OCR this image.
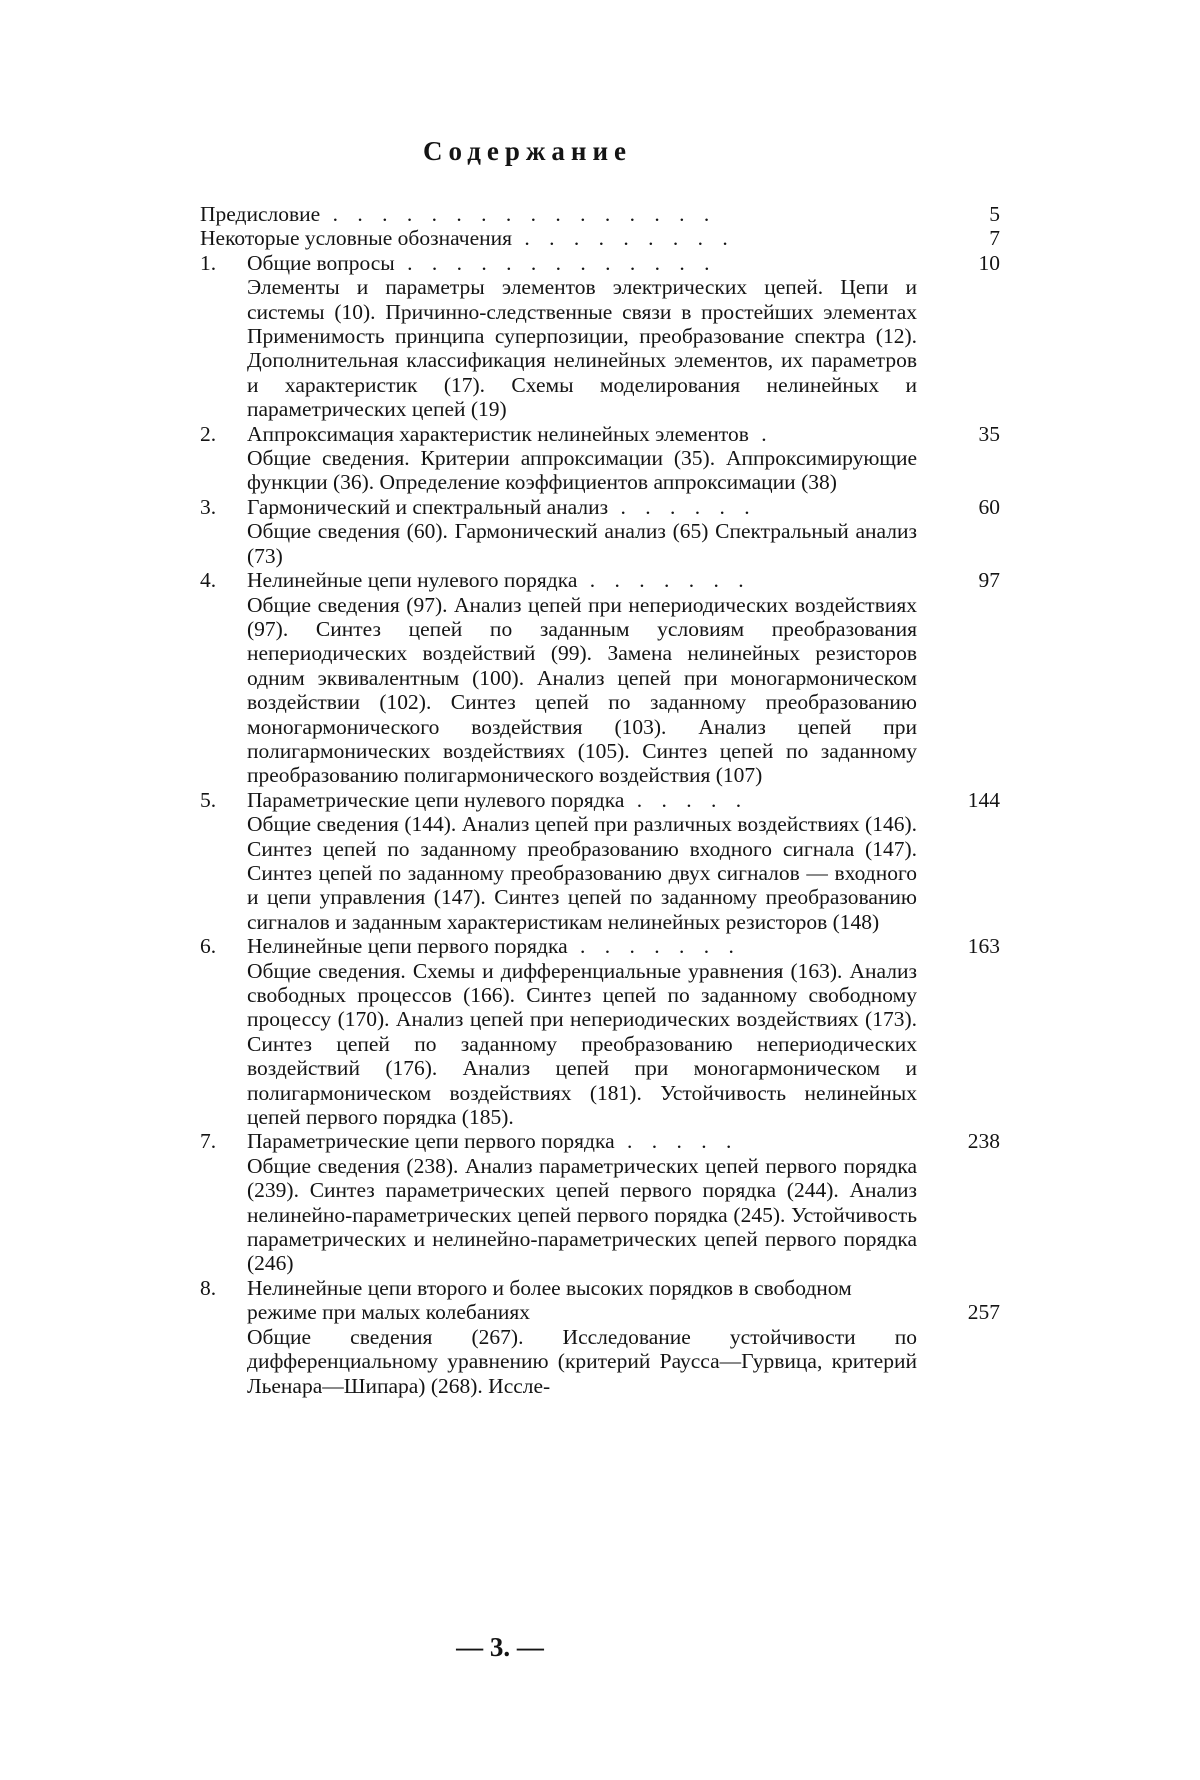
Содержание
Предисловие . . . . . . . . . . . . . . . .	5
Некоторые условные обозначения . . . . . . . . .	7
1.	Общие вопросы . . . . . . . . . . . . .	10
Элементы и параметры элементов электрических цепей. Цепи и системы (10). Причинно-следственные связи в простейших элементах Применимость принципа суперпозиции, преобразование спектра (12). Дополнительная классификация нелинейных элементов, их параметров и характеристик (17). Схемы моделирования нелинейных и параметрических цепей (19)
2.	Аппроксимация характеристик нелинейных элементов .	35
Общие сведения. Критерии аппроксимации (35). Аппроксимирующие функции (36). Определение коэффициентов аппроксимации (38)
3.	Гармонический и спектральный анализ . . . . . .	60
Общие сведения (60). Гармонический анализ (65) Спектральный анализ (73)
4.	Нелинейные цепи нулевого порядка . . . . . . .	97
Общие сведения (97). Анализ цепей при непериодических воздействиях (97). Синтез цепей по заданным условиям преобразования непериодических воздействий (99). Замена нелинейных резисторов одним эквивалентным (100). Анализ цепей при моногармоническом воздействии (102). Синтез цепей по заданному преобразованию моногармонического воздействия (103). Анализ цепей при полигармонических воздействиях (105). Синтез цепей по заданному преобразованию полигармонического воздействия (107)
5.	Параметрические цепи нулевого порядка . . . . .	144
Общие сведения (144). Анализ цепей при различных воздействиях (146). Синтез цепей по заданному преобразованию входного сигнала (147). Синтез цепей по заданному преобразованию двух сигналов — входного и цепи управления (147). Синтез цепей по заданному преобразованию сигналов и заданным характеристикам нелинейных резисторов (148)
6.	Нелинейные цепи первого порядка . . . . . . .	163
Общие сведения. Схемы и дифференциальные уравнения (163). Анализ свободных процессов (166). Синтез цепей по заданному свободному процессу (170). Анализ цепей при непериодических воздействиях (173). Синтез цепей по заданному преобразованию непериодических воздействий (176). Анализ цепей при моногармоническом и полигармоническом воздействиях (181). Устойчивость нелинейных цепей первого порядка (185).
7.	Параметрические цепи первого порядка . . . . .	238
Общие сведения (238). Анализ параметрических цепей первого порядка (239). Синтез параметрических цепей первого порядка (244). Анализ нелинейно-параметрических цепей первого порядка (245). Устойчивость параметрических и нелинейно-параметрических цепей первого порядка (246)
8.	Нелинейные цепи второго и более высоких порядков в свободном режиме при малых колебаниях	257
Общие сведения (267). Исследование устойчивости по дифференциальному уравнению (критерий Раусса—Гурвица, критерий Льенара—Шипара) (268). Иссле-
— 3. —
